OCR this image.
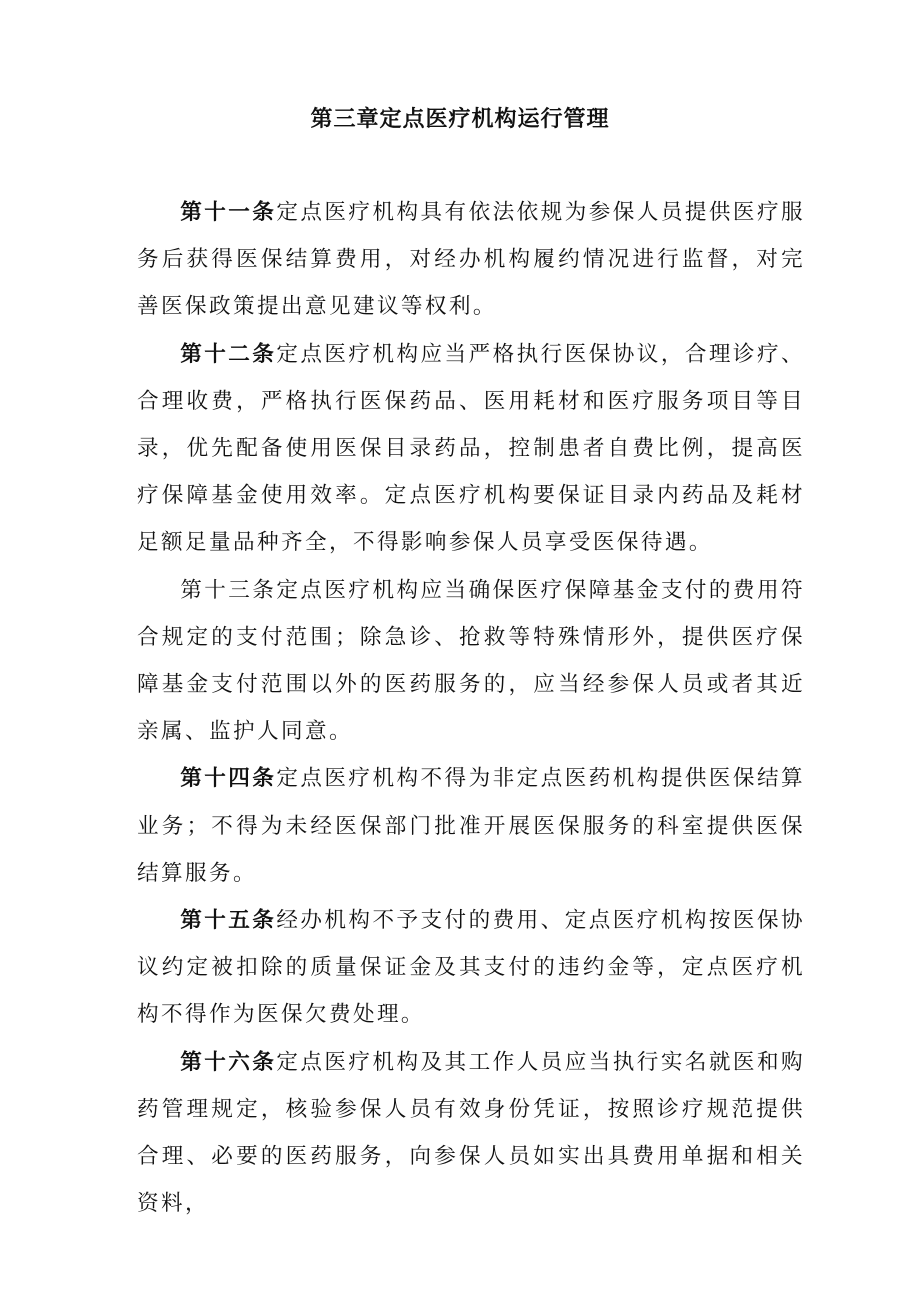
第三章定点医疗机构运行管理

第十一条定点医疗机构具有依法依规为参保人员提供医疗服务后获得医保结算费用，对经办机构履约情况进行监督，对完善医保政策提出意见建议等权利。

第十二条定点医疗机构应当严格执行医保协议，合理诊疗、合理收费，严格执行医保药品、医用耗材和医疗服务项目等目录，优先配备使用医保目录药品，控制患者自费比例，提高医疗保障基金使用效率。定点医疗机构要保证目录内药品及耗材足额足量品种齐全，不得影响参保人员享受医保待遇。

第十三条定点医疗机构应当确保医疗保障基金支付的费用符合规定的支付范围；除急诊、抢救等特殊情形外，提供医疗保障基金支付范围以外的医药服务的，应当经参保人员或者其近亲属、监护人同意。

第十四条定点医疗机构不得为非定点医药机构提供医保结算业务；不得为未经医保部门批准开展医保服务的科室提供医保结算服务。

第十五条经办机构不予支付的费用、定点医疗机构按医保协议约定被扣除的质量保证金及其支付的违约金等，定点医疗机构不得作为医保欠费处理。

第十六条定点医疗机构及其工作人员应当执行实名就医和购药管理规定，核验参保人员有效身份凭证，按照诊疗规范提供合理、必要的医药服务，向参保人员如实出具费用单据和相关资料，
